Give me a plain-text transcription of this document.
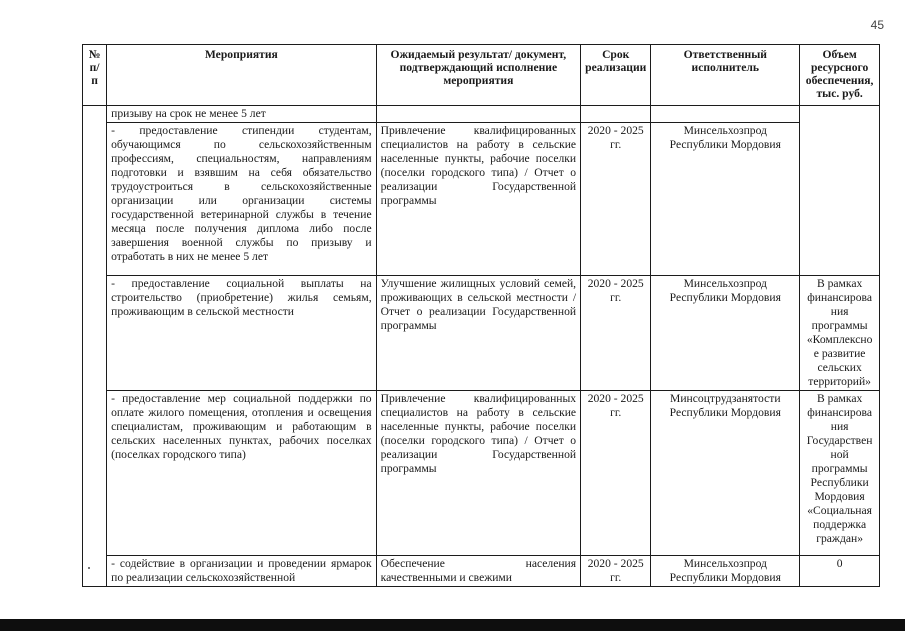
45
№ п/п	Мероприятия	Ожидаемый результат/ документ, подтверждающий исполнение мероприятия	Срок реализации	Ответственный исполнитель	Объем ресурсного обеспечения, тыс. руб.
	призыву на срок не менее 5 лет				
	- предоставление стипендии студентам, обучающимся по сельскохозяйственным профессиям, специальностям, направлениям подготовки и взявшим на себя обязательство трудоустроиться в сельскохозяйственные организации или организации системы государственной ветеринарной службы в течение месяца после получения диплома либо после завершения военной службы по призыву и отработать в них не менее 5 лет	Привлечение квалифицированных специалистов на работу в сельские населенные пункты, рабочие поселки (поселки городского типа) / Отчет о реализации Государственной программы	2020 - 2025 гг.	Минсельхозпрод Республики Мордовия	
	- предоставление социальной выплаты на строительство (приобретение) жилья семьям, проживающим в сельской местности	Улучшение жилищных условий семей, проживающих в сельской местности / Отчет о реализации Государственной программы	2020 - 2025 гг.	Минсельхозпрод Республики Мордовия	В рамках финансирования программы «Комплексное развитие сельских территорий»
	- предоставление мер социальной поддержки по оплате жилого помещения, отопления и освещения специалистам, проживающим и работающим в сельских населенных пунктах, рабочих поселках (поселках городского типа)	Привлечение квалифицированных специалистов на работу в сельские населенные пункты, рабочие поселки (поселки городского типа) / Отчет о реализации Государственной программы	2020 - 2025 гг.	Минсоцтрудзанятости Республики Мордовия	В рамках финансирования Государственной программы Республики Мордовия «Социальная поддержка граждан»
	- содействие в организации и проведении ярмарок по реализации сельскохозяйственной	Обеспечение населения качественными и свежими	2020 - 2025 гг.	Минсельхозпрод Республики Мордовия	0
